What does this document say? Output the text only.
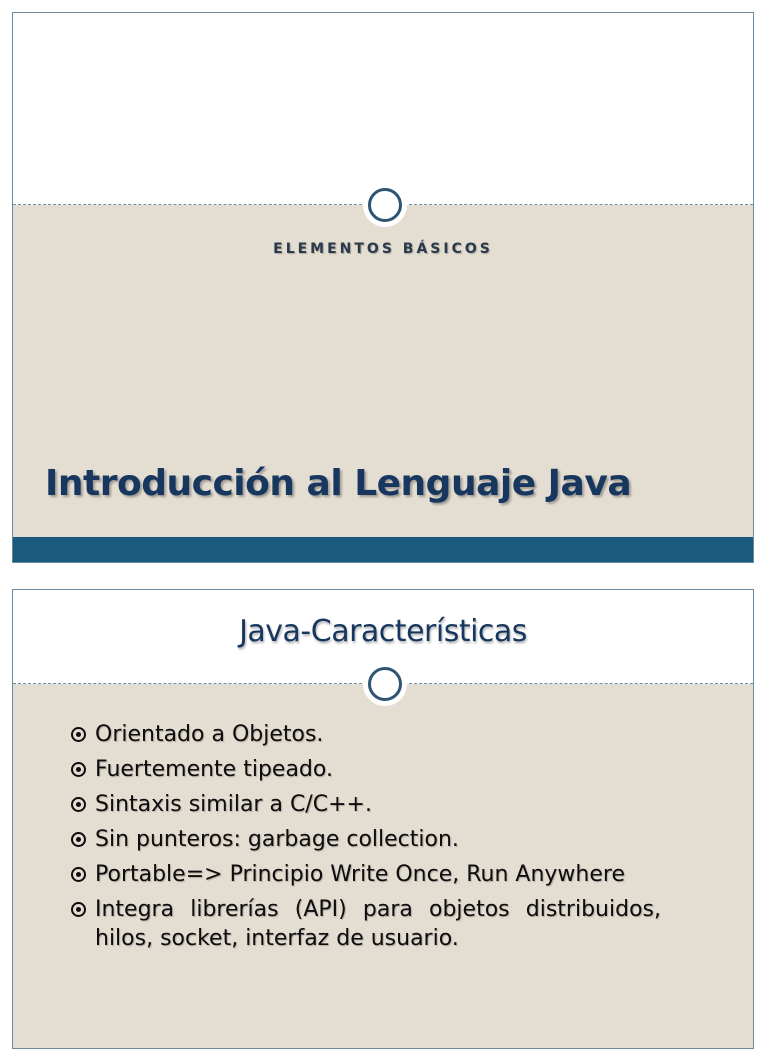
ELEMENTOS BÁSICOS
Introducción al Lenguaje Java
Java-Características
Orientado a Objetos.
Fuertemente tipeado.
Sintaxis similar a C/C++.
Sin punteros: garbage collection.
Portable=> Principio Write Once, Run Anywhere
Integra librerías (API) para objetos distribuidos, hilos, socket, interfaz de usuario.
